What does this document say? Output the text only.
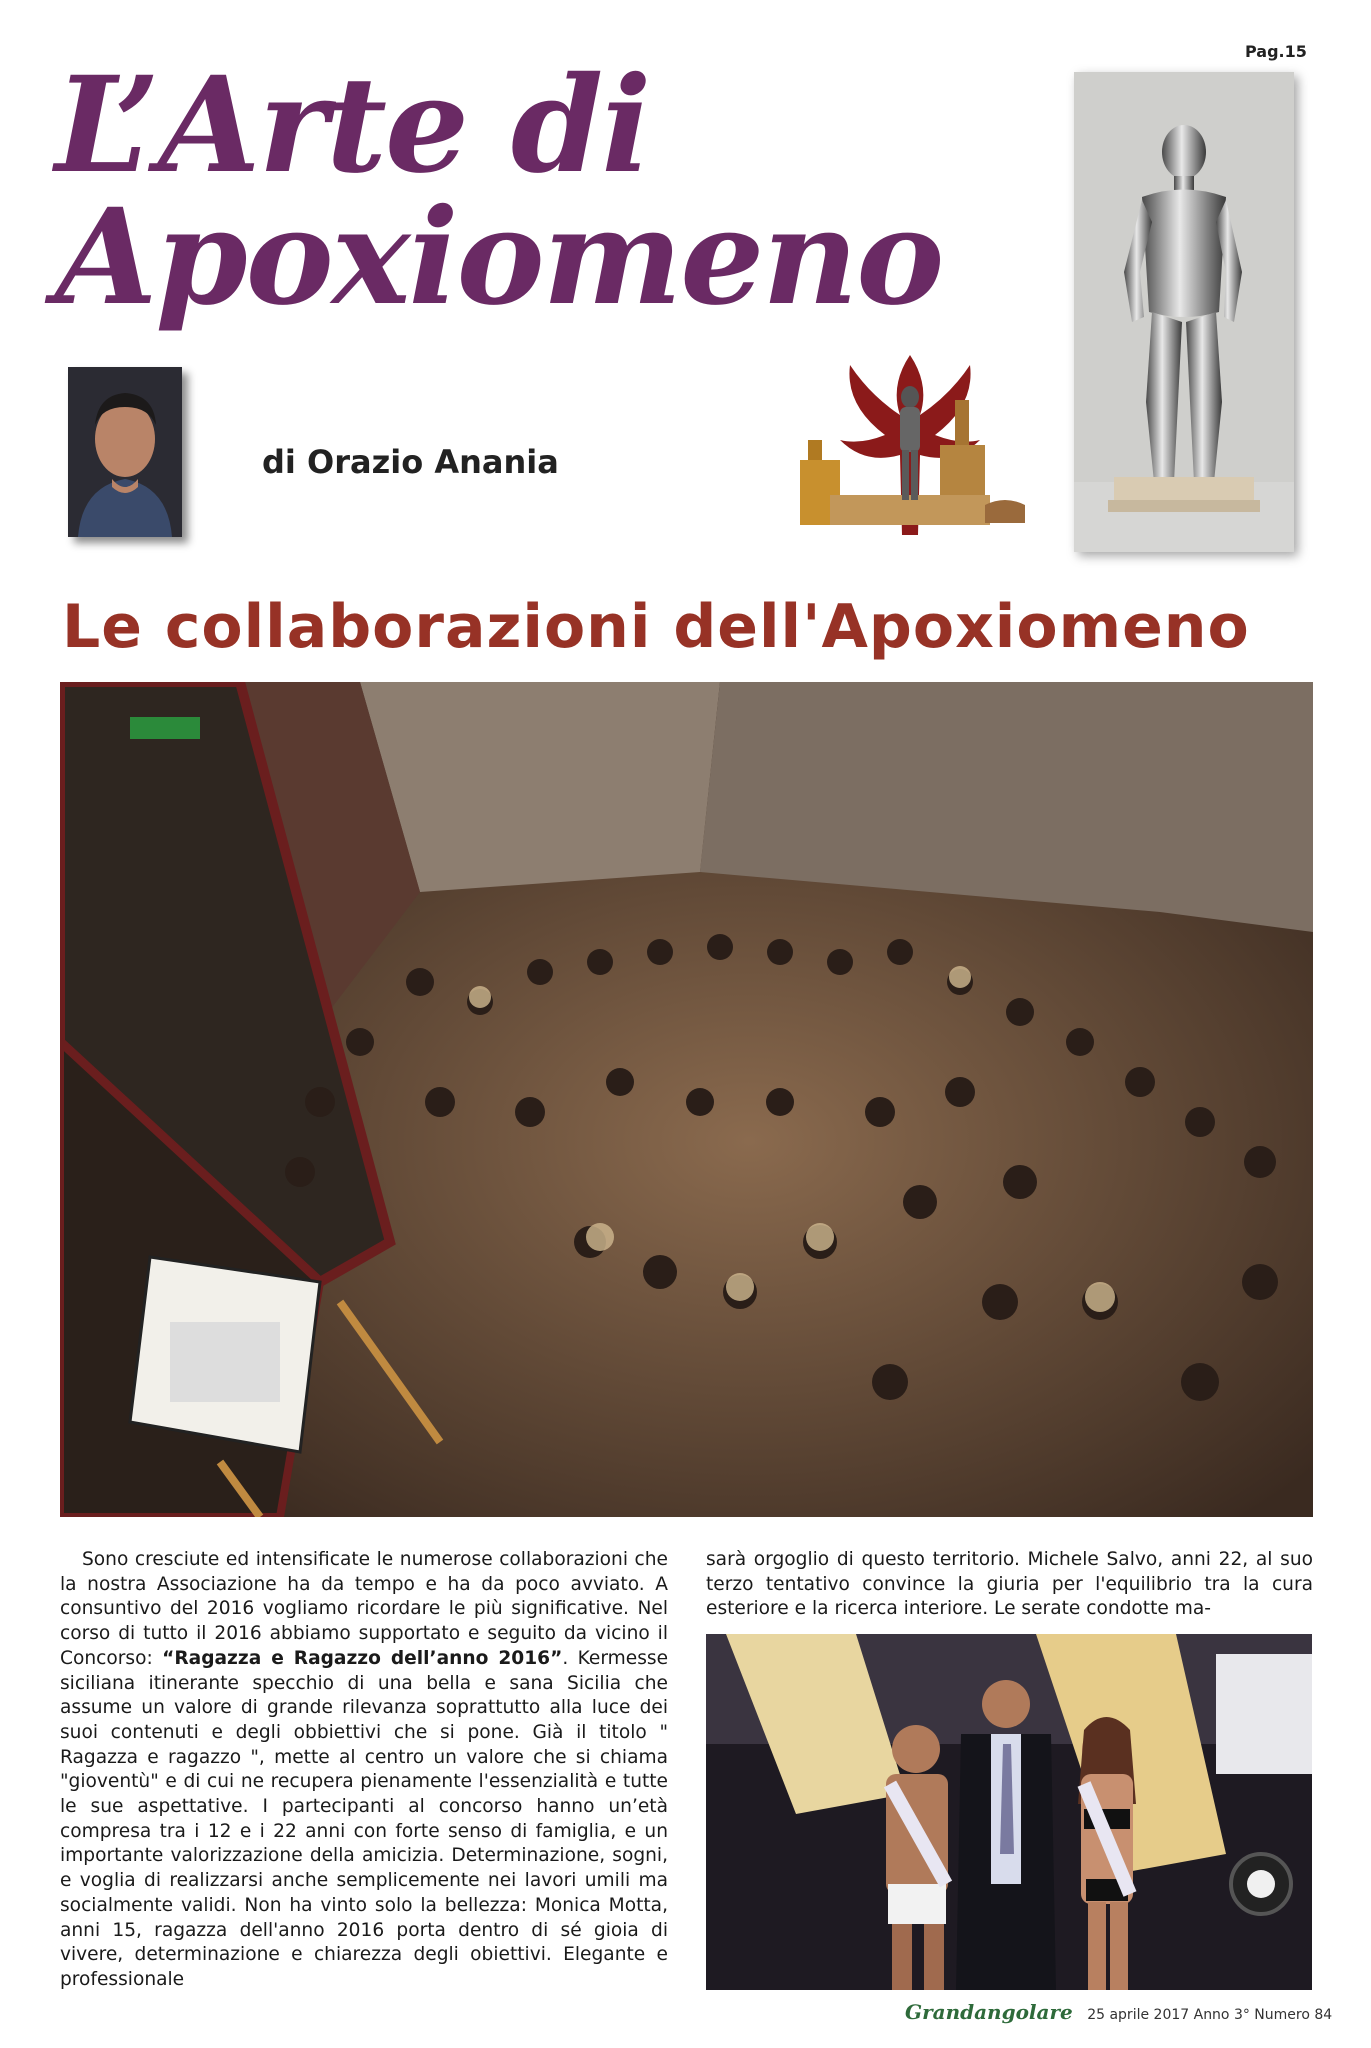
Pag.15
L’Arte di
Apoxiomeno
di Orazio Anania
Le collaborazioni dell'Apoxiomeno

Sono cresciute ed intensificate le numerose collaborazioni che la nostra Associazione ha da tempo e ha da poco avviato. A consuntivo del 2016 vogliamo ricordare le più significative. Nel corso di tutto il 2016 abbiamo supportato e seguito da vicino il Concorso: “Ragazza e Ragazzo dell’anno 2016”. Kermesse siciliana itinerante specchio di una bella e sana Sicilia che assume un valore di grande rilevanza soprattutto alla luce dei suoi contenuti e degli obbiettivi che si pone. Già il titolo " Ragazza e ragazzo ", mette al centro un valore che si chiama "gioventù" e di cui ne recupera pienamente l'essenzialità e tutte le sue aspettative. I partecipanti al concorso hanno un’età compresa tra i 12 e i 22 anni con forte senso di famiglia, e un importante valorizzazione della amicizia. Determinazione, sogni, e voglia di realizzarsi anche semplicemente nei lavori umili ma socialmente validi. Non ha vinto solo la bellezza: Monica Motta, anni 15, ragazza dell'anno 2016 porta dentro di sé gioia di vivere, determinazione e chiarezza degli obiettivi. Elegante e professionale

sarà orgoglio di questo territorio. Michele Salvo, anni 22, al suo terzo tentativo convince la giuria per l'equilibrio tra la cura esteriore e la ricerca interiore. Le serate condotte ma-
Grandangolare 25 aprile 2017 Anno 3° Numero 84
